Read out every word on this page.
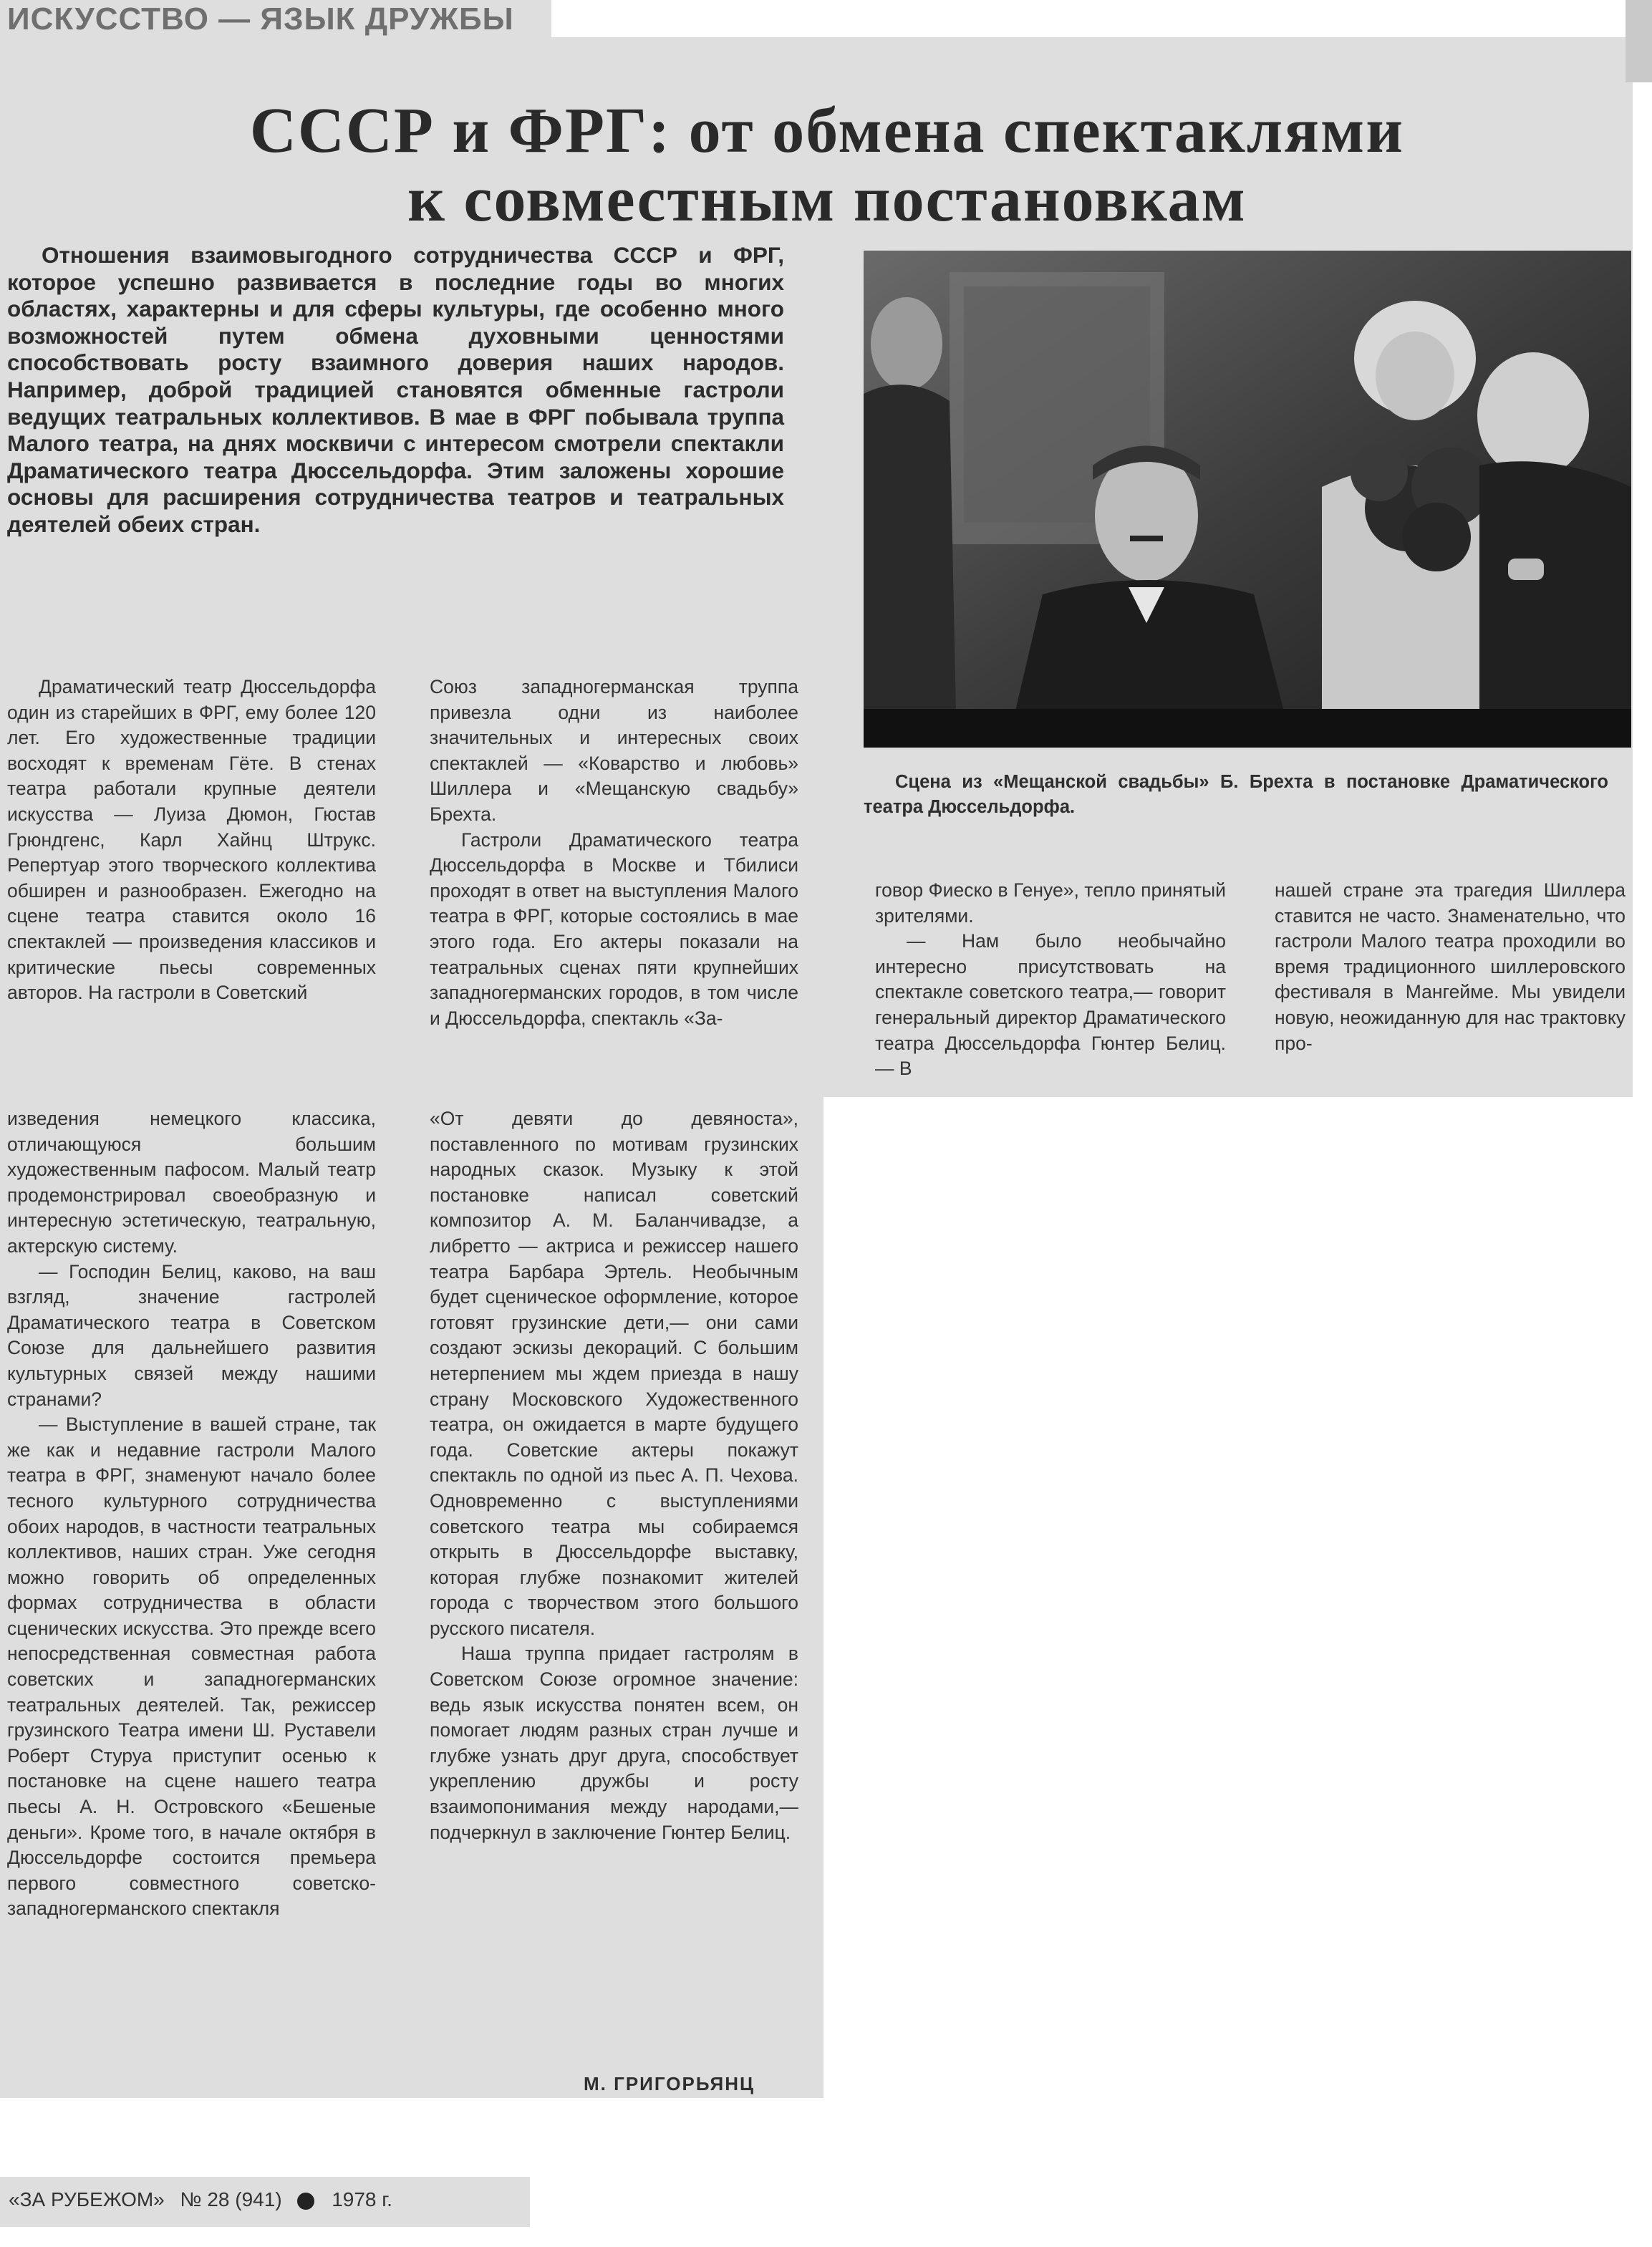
ИСКУССТВО — ЯЗЫК ДРУЖБЫ
СССР и ФРГ: от обмена спектаклями
к совместным постановкам
Отношения взаимовыгодного сотрудничества СССР и ФРГ, которое успешно развивается в последние годы во многих областях, характерны и для сферы культуры, где особенно много возможностей путем обмена духовными ценностями способствовать росту взаимного доверия наших народов. Например, доброй традицией становятся обменные гастроли ведущих театральных коллективов. В мае в ФРГ побывала труппа Малого театра, на днях москвичи с интересом смотрели спектакли Драматического театра Дюссельдорфа. Этим заложены хорошие основы для расширения сотрудничества театров и театральных деятелей обеих стран.
Сцена из «Мещанской свадьбы» Б. Брехта в постановке Драматического театра Дюссельдорфа.

Драматический театр Дюссельдорфа один из старейших в ФРГ, ему более 120 лет. Его художественные традиции восходят к временам Гёте. В стенах театра работали крупные деятели искусства — Луиза Дюмон, Гюстав Грюндгенс, Карл Хайнц Штрукс. Репертуар этого творческого коллектива обширен и разнообразен. Ежегодно на сцене театра ставится около 16 спектаклей — произведения классиков и критические пьесы современных авторов. На гастроли в Советский

Союз западногерманская труппа привезла одни из наиболее значительных и интересных своих спектаклей — «Коварство и любовь» Шиллера и «Мещанскую свадьбу» Брехта.

Гастроли Драматического театра Дюссельдорфа в Москве и Тбилиси проходят в ответ на выступления Малого театра в ФРГ, которые состоялись в мае этого года. Его актеры показали на театральных сценах пяти крупнейших западногерманских городов, в том числе и Дюссельдорфа, спектакль «За-

говор Фиеско в Генуе», тепло принятый зрителями.

— Нам было необычайно интересно присутствовать на спектакле советского театра,— говорит генеральный директор Драматического театра Дюссельдорфа Гюнтер Белиц.— В

нашей стране эта трагедия Шиллера ставится не часто. Знаменательно, что гастроли Малого театра проходили во время традиционного шиллеровского фестиваля в Мангейме. Мы увидели новую, неожиданную для нас трактовку про-

изведения немецкого классика, отличающуюся большим художественным пафосом. Малый театр продемонстрировал своеобразную и интересную эстетическую, театральную, актерскую систему.

— Господин Белиц, каково, на ваш взгляд, значение гастролей Драматического театра в Советском Союзе для дальнейшего развития культурных связей между нашими странами?

— Выступление в вашей стране, так же как и недавние гастроли Малого театра в ФРГ, знаменуют начало более тесного культурного сотрудничества обоих народов, в частности театральных коллективов, наших стран. Уже сегодня можно говорить об определенных формах сотрудничества в области сценических искусства. Это прежде всего непосредственная совместная работа советских и западногерманских театральных деятелей. Так, режиссер грузинского Театра имени Ш. Руставели Роберт Стуруа приступит осенью к постановке на сцене нашего театра пьесы А. Н. Островского «Бешеные деньги». Кроме того, в начале октября в Дюссельдорфе состоится премьера первого совместного советско-западногерманского спектакля

«От девяти до девяноста», поставленного по мотивам грузинских народных сказок. Музыку к этой постановке написал советский композитор А. М. Баланчивадзе, а либретто — актриса и режиссер нашего театра Барбара Эртель. Необычным будет сценическое оформление, которое готовят грузинские дети,— они сами создают эскизы декораций. С большим нетерпением мы ждем приезда в нашу страну Московского Художественного театра, он ожидается в марте будущего года. Советские актеры покажут спектакль по одной из пьес А. П. Чехова. Одновременно с выступлениями советского театра мы собираемся открыть в Дюссельдорфе выставку, которая глубже познакомит жителей города с творчеством этого большого русского писателя.

Наша труппа придает гастролям в Советском Союзе огромное значение: ведь язык искусства понятен всем, он помогает людям разных стран лучше и глубже узнать друг друга, способствует укреплению дружбы и росту взаимопонимания между народами,— подчеркнул в заключение Гюнтер Белиц.

М. ГРИГОРЬЯНЦ
«ЗА РУБЕЖОМ» № 28 (941) 1978 г.
